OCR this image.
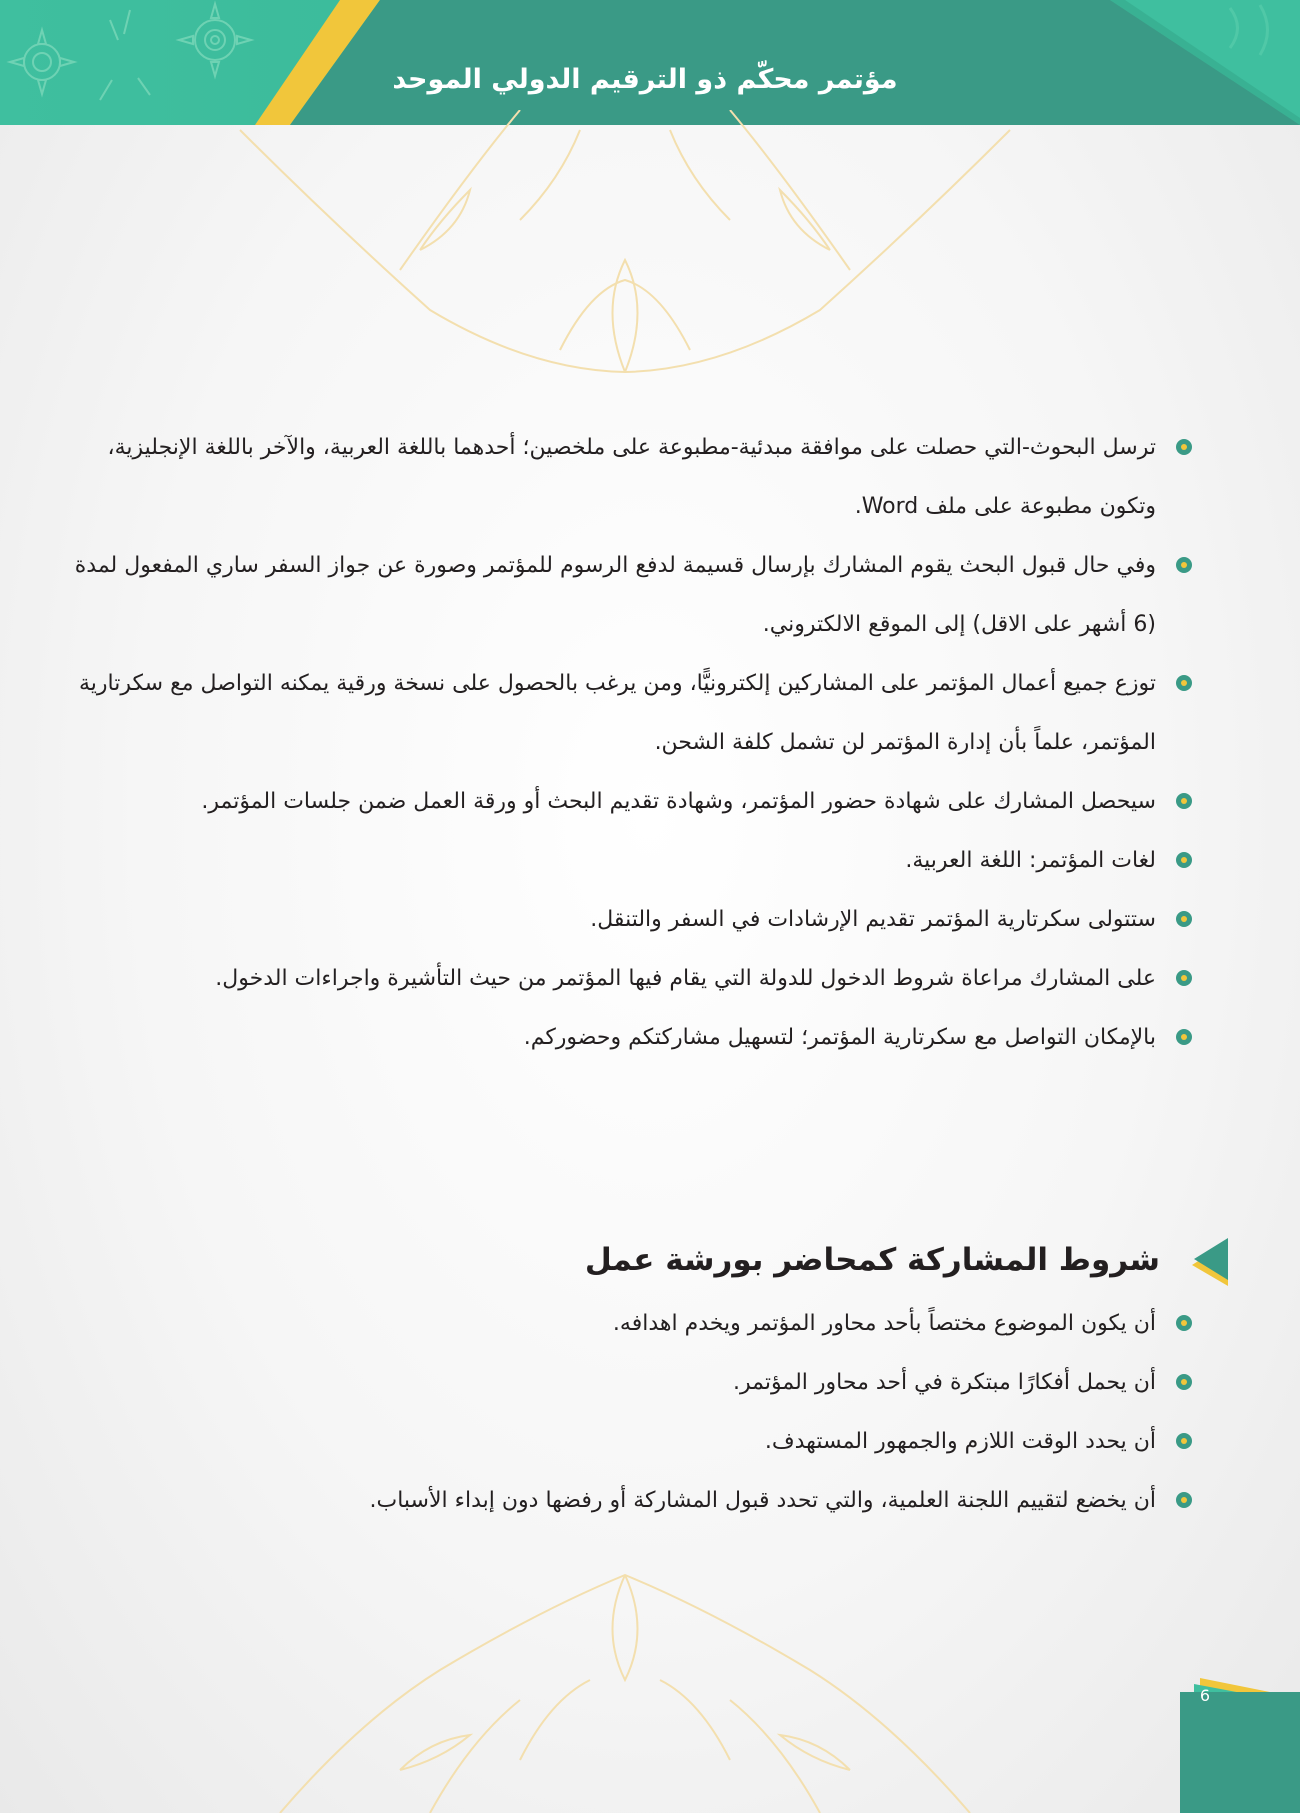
مؤتمر محكّم ذو الترقيم الدولي الموحد
ترسل البحوث-التي حصلت على موافقة مبدئية-مطبوعة على ملخصين؛ أحدهما باللغة العربية، والآخر باللغة الإنجليزية، وتكون مطبوعة على ملف Word.
وفي حال قبول البحث يقوم المشارك بإرسال قسيمة لدفع الرسوم للمؤتمر وصورة عن جواز السفر ساري المفعول لمدة (6 أشهر على الاقل) إلى الموقع الالكتروني.
توزع جميع أعمال المؤتمر على المشاركين إلكترونيًّا، ومن يرغب بالحصول على نسخة ورقية يمكنه التواصل مع سكرتارية المؤتمر، علماً بأن إدارة المؤتمر لن تشمل كلفة الشحن.
سيحصل المشارك على شهادة حضور المؤتمر، وشهادة تقديم البحث أو ورقة العمل ضمن جلسات المؤتمر.
لغات المؤتمر: اللغة العربية.
ستتولى سكرتارية المؤتمر تقديم الإرشادات في السفر والتنقل.
على المشارك مراعاة شروط الدخول للدولة التي يقام فيها المؤتمر من حيث التأشيرة واجراءات الدخول.
بالإمكان التواصل مع سكرتارية المؤتمر؛ لتسهيل مشاركتكم وحضوركم.
شروط المشاركة كمحاضر بورشة عمل
أن يكون الموضوع مختصاً بأحد محاور المؤتمر ويخدم اهدافه.
أن يحمل أفكارًا مبتكرة في أحد محاور المؤتمر.
أن يحدد الوقت اللازم والجمهور المستهدف.
أن يخضع لتقييم اللجنة العلمية، والتي تحدد قبول المشاركة أو رفضها دون إبداء الأسباب.
6
